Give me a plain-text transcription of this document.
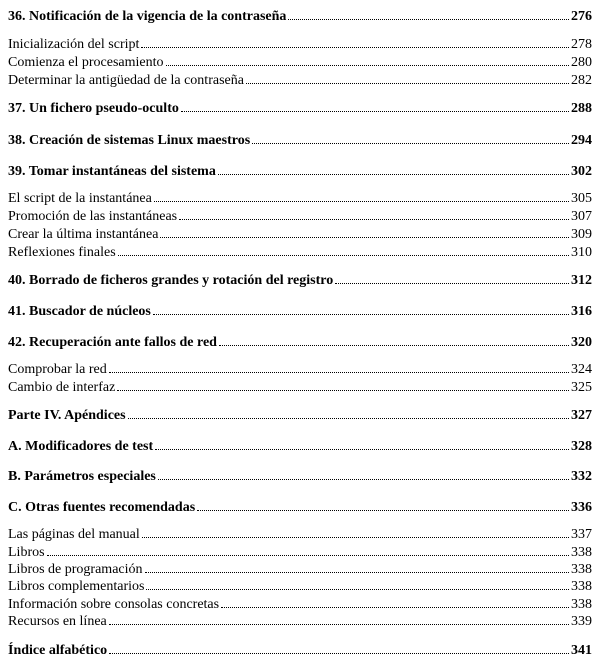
36. Notificación de la vigencia de la contraseña	276
Inicialización del script	278
Comienza el procesamiento	280
Determinar la antigüedad de la contraseña	282
37. Un fichero pseudo-oculto	288
38. Creación de sistemas Linux maestros	294
39. Tomar instantáneas del sistema	302
El script de la instantánea	305
Promoción de las instantáneas	307
Crear la última instantánea	309
Reflexiones finales	310
40. Borrado de ficheros grandes y rotación del registro	312
41. Buscador de núcleos	316
42. Recuperación ante fallos de red	320
Comprobar la red	324
Cambio de interfaz	325
Parte IV. Apéndices	327
A. Modificadores de test	328
B. Parámetros especiales	332
C. Otras fuentes recomendadas	336
Las páginas del manual	337
Libros	338
Libros de programación	338
Libros complementarios	338
Información sobre consolas concretas	338
Recursos en línea	339
Índice alfabético	341
